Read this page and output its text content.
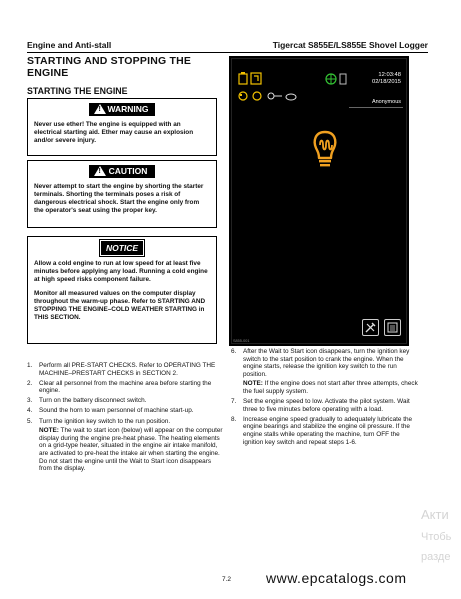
Engine and Anti-stall	Tigercat S855E/LS855E Shovel Logger
STARTING AND STOPPING THE ENGINE
STARTING THE ENGINE
! WARNING
Never use ether! The engine is equipped with an electrical starting aid. Ether may cause an explosion and/or severe injury.
! CAUTION
Never attempt to start the engine by shorting the starter terminals. Shorting the terminals poses a risk of dangerous electrical shock. Start the engine only from the operator's seat using the proper key.
NOTICE
Allow a cold engine to run at low speed for at least five minutes before applying any load. Running a cold engine at high speed risks component failure.
Monitor all measured values on the computer display throughout the warm-up phase. Refer to STARTING AND STOPPING THE ENGINE–COLD WEATHER STARTING in THIS SECTION.
12:03:48
02/18/2015
Anonymous
S855-001
1. Perform all PRE-START CHECKS. Refer to OPERATING THE MACHINE–PRESTART CHECKS in SECTION 2.
2. Clear all personnel from the machine area before starting the engine.
3. Turn on the battery disconnect switch.
4. Sound the horn to warn personnel of machine start-up.
5. Turn the ignition key switch to the run position.
NOTE: The wait to start icon (below) will appear on the computer display during the engine pre-heat phase. The heating elements on a grid-type heater, situated in the engine air intake manifold, are activated to pre-heat the intake air when starting the engine. Do not start the engine until the Wait to Start icon disappears from the display.
6. After the Wait to Start icon disappears, turn the ignition key switch to the start position to crank the engine. When the engine starts, release the ignition key switch to the run position.
NOTE: If the engine does not start after three attempts, check the fuel supply system.
7. Set the engine speed to low. Activate the pilot system. Wait three to five minutes before operating with a load.
8. Increase engine speed gradually to adequately lubricate the engine bearings and stabilize the engine oil pressure. If the engine stalls while operating the machine, turn OFF the ignition key switch and repeat steps 1-6.
7.2 www.epcatalogs.com
Акти
Чтобь
разде
